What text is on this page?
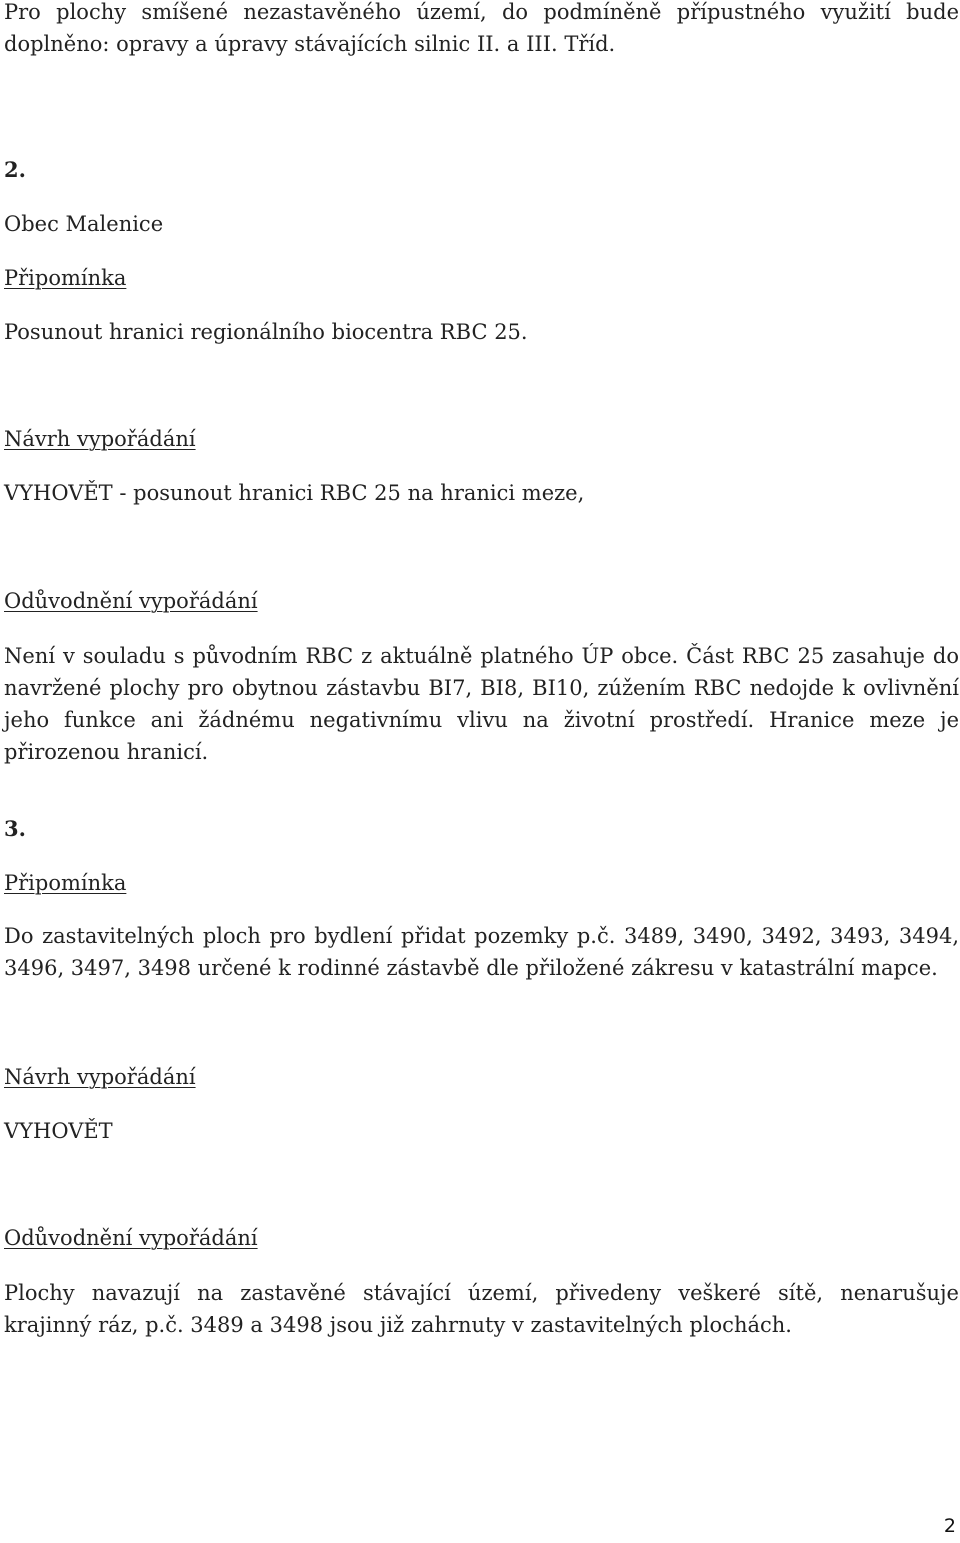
Pro plochy smíšené nezastavěného území, do podmíněně přípustného využití bude doplněno: opravy a úpravy stávajících silnic II. a III. Tříd.

2.
Obec Malenice
Připomínka
Posunout hranici regionálního biocentra RBC 25.
Návrh vypořádání
VYHOVĚT - posunout hranici RBC 25 na hranici meze,
Odůvodnění vypořádání

Není v souladu s původním RBC z aktuálně platného ÚP obce. Část RBC 25 zasahuje do navržené plochy pro obytnou zástavbu BI7, BI8, BI10, zúžením RBC nedojde k ovlivnění jeho funkce ani žádnému negativnímu vlivu na životní prostředí. Hranice meze je přirozenou hranicí.

3.
Připomínka

Do zastavitelných ploch pro bydlení přidat pozemky p.č. 3489, 3490, 3492, 3493, 3494, 3496, 3497, 3498 určené k rodinné zástavbě dle přiložené zákresu v katastrální mapce.

Návrh vypořádání
VYHOVĚT
Odůvodnění vypořádání

Plochy navazují na zastavěné stávající území, přivedeny veškeré sítě, nenarušuje krajinný ráz, p.č. 3489 a 3498 jsou již zahrnuty v zastavitelných plochách.

2
